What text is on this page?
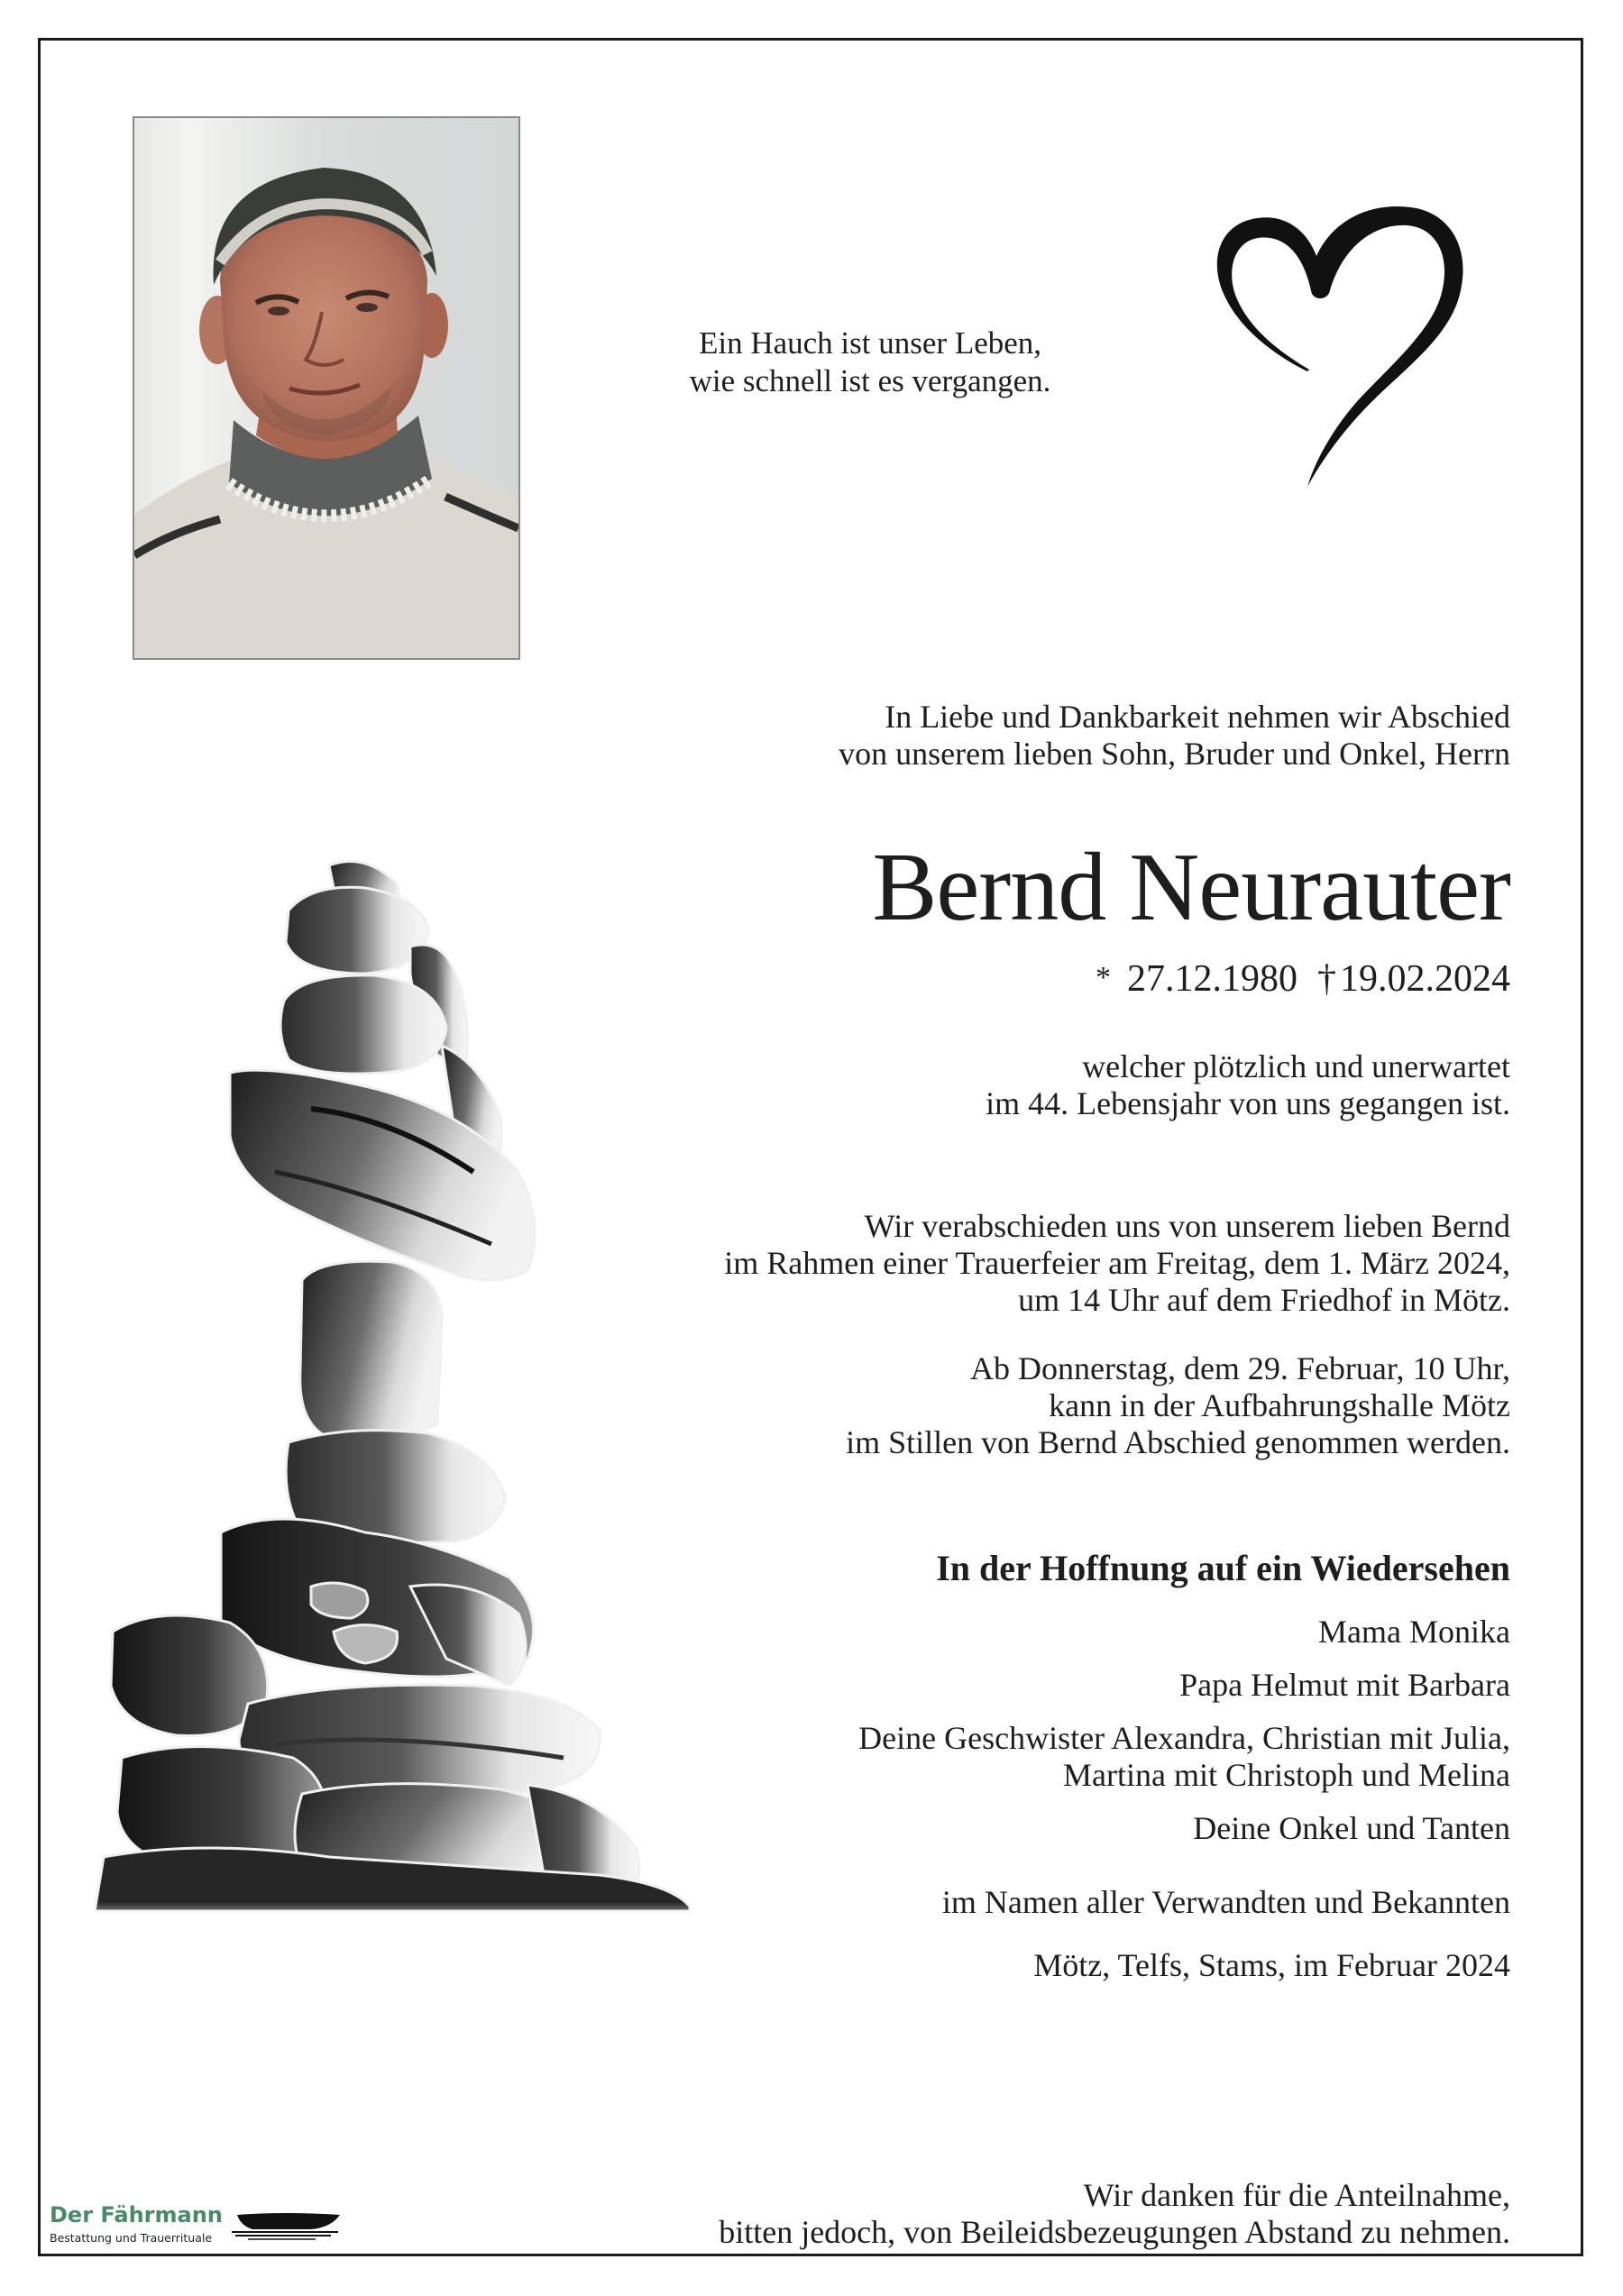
Ein Hauch ist unser Leben,
wie schnell ist es vergangen.
In Liebe und Dankbarkeit nehmen wir Abschied
von unserem lieben Sohn, Bruder und Onkel, Herrn
Bernd Neurauter
* 27.12.1980 †19.02.2024
welcher plötzlich und unerwartet
im 44. Lebensjahr von uns gegangen ist.
Wir verabschieden uns von unserem lieben Bernd
im Rahmen einer Trauerfeier am Freitag, dem 1. März 2024,
um 14 Uhr auf dem Friedhof in Mötz.
Ab Donnerstag, dem 29. Februar, 10 Uhr,
kann in der Aufbahrungshalle Mötz
im Stillen von Bernd Abschied genommen werden.
In der Hoffnung auf ein Wiedersehen
Mama Monika
Papa Helmut mit Barbara
Deine Geschwister Alexandra, Christian mit Julia,
Martina mit Christoph und Melina
Deine Onkel und Tanten
im Namen aller Verwandten und Bekannten
Mötz, Telfs, Stams, im Februar 2024
Wir danken für die Anteilnahme,
bitten jedoch, von Beileidsbezeugungen Abstand zu nehmen.
Der Fährmann
Bestattung und Trauerrituale
